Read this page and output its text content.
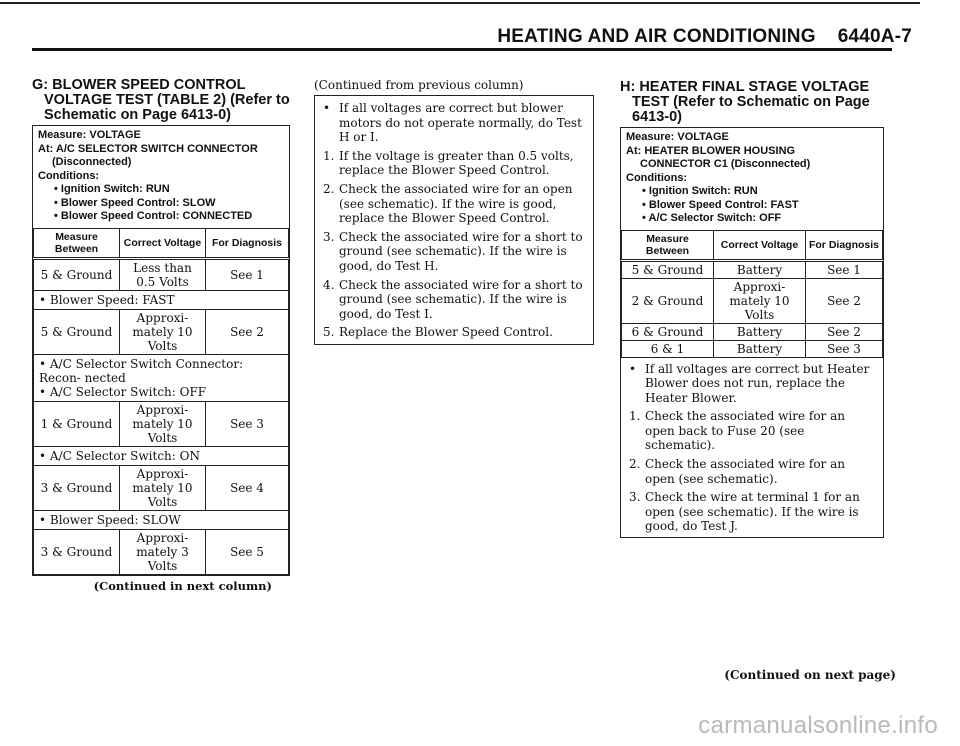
HEATING AND AIR CONDITIONING 6440A-7
G: BLOWER SPEED CONTROL
VOLTAGE TEST (TABLE 2) (Refer to
Schematic on Page 6413-0)
Measure: VOLTAGE
At: A/C SELECTOR SWITCH CONNECTOR
(Disconnected)
Conditions:
• Ignition Switch: RUN
• Blower Speed Control: SLOW
• Blower Speed Control: CONNECTED
Measure Between	Correct Voltage	For Diagnosis
5 & Ground	Less than 0.5 Volts	See 1
• Blower Speed: FAST		
5 & Ground	Approxi- mately 10 Volts	See 2

• A/C Selector Switch Connector: Recon- nected
• A/C Selector Switch: OFF		

1 & Ground	Approxi- mately 10 Volts	See 3
• A/C Selector Switch: ON		
3 & Ground	Approxi- mately 10 Volts	See 4
• Blower Speed: SLOW		
3 & Ground	Approxi- mately 3 Volts	See 5
(Continued in next column)
(Continued from previous column)
• If all voltages are correct but blower motors do not operate normally, do Test H or I.
1. If the voltage is greater than 0.5 volts, replace the Blower Speed Control.
2. Check the associated wire for an open (see schematic). If the wire is good, replace the Blower Speed Control.
3. Check the associated wire for a short to ground (see schematic). If the wire is good, do Test H.
4. Check the associated wire for a short to ground (see schematic). If the wire is good, do Test I.
5. Replace the Blower Speed Control.
H: HEATER FINAL STAGE VOLTAGE
TEST (Refer to Schematic on Page
6413-0)
Measure: VOLTAGE
At: HEATER BLOWER HOUSING
CONNECTOR C1 (Disconnected)
Conditions:
• Ignition Switch: RUN
• Blower Speed Control: FAST
• A/C Selector Switch: OFF
Measure Between	Correct Voltage	For Diagnosis
5 & Ground	Battery	See 1
2 & Ground	Approxi- mately 10 Volts	See 2
6 & Ground	Battery	See 2
6 & 1	Battery	See 3
• If all voltages are correct but Heater Blower does not run, replace the Heater Blower.
1. Check the associated wire for an open back to Fuse 20 (see schematic).
2. Check the associated wire for an open (see schematic).
3. Check the wire at terminal 1 for an open (see schematic). If the wire is good, do Test J.
(Continued on next page)
carmanualsonline.info
